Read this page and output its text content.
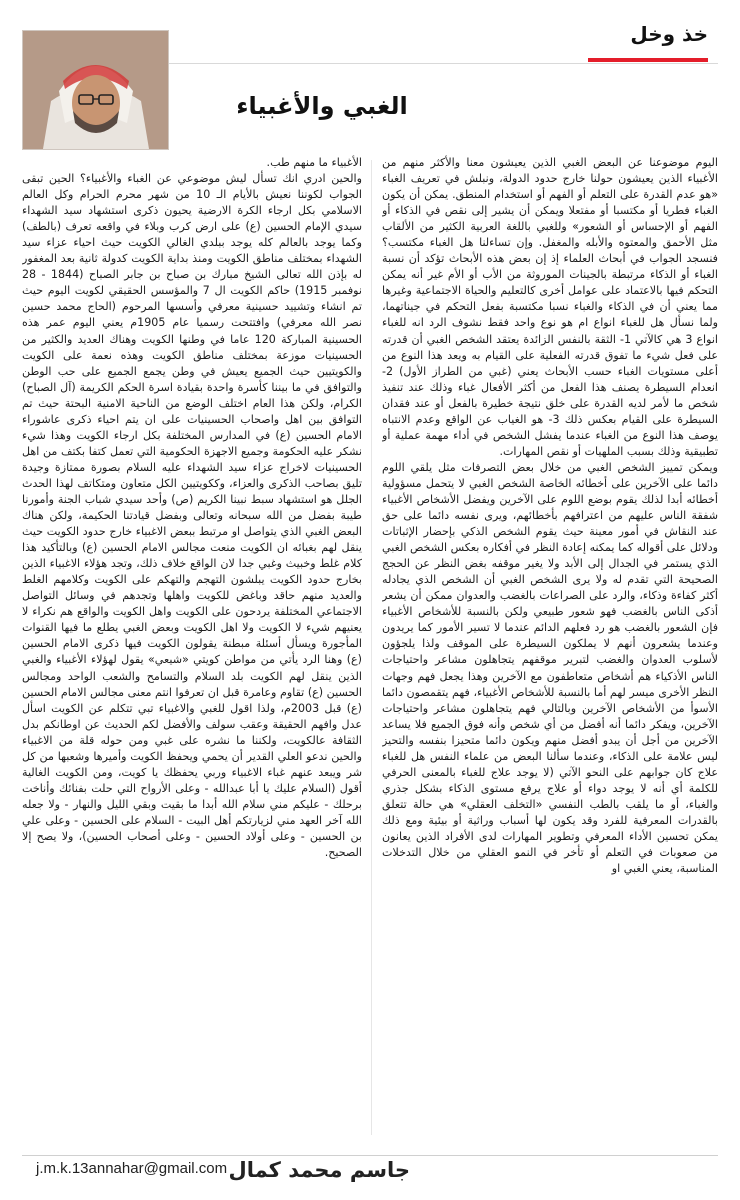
خذ وخل
الغبي والأغبياء

اليوم موضوعنا عن البعض الغبي الذين يعيشون معنا والأكثر منهم من الأغبياء الذين يعيشون حولنا خارج حدود الدولة، ونبلش في تعريف الغباء «هو عدم القدرة على التعلم أو الفهم أو استخدام المنطق. يمكن أن يكون الغباء فطريا أو مكتسبا أو مفتعلا ويمكن أن يشير إلى نقص في الذكاء أو الفهم أو الإحساس أو الشعور» وللغبي باللغة العربية الكثير من الألقاب مثل الأحمق والمعتوه والأبله والمغفل. وإن تساءلنا هل الغباء مكتسب؟ فنسجد الجواب في أبحاث العلماء إذ إن بعض هذه الأبحاث تؤكد أن نسبة الغباء أو الذكاء مرتبطة بالجينات الموروثة من الأب أو الأم غير أنه يمكن التحكم فيها بالاعتماد على عوامل أخرى كالتعليم والحياة الاجتماعية وغيرها مما يعني أن في الذكاء والغباء نسبا مكتسبة بفعل التحكم في جيناتهما، ولما نسأل هل للغباء انواع ام هو نوع واحد فقط نشوف الرد انه للغباء انواع 3 هي كالآتي 1- الثقة بالنفس الزائدة يعتقد الشخص الغبي أن قدرته على فعل شيء ما تفوق قدرته الفعلية على القيام به ويعد هذا النوع من أعلى مستويات الغباء حسب الأبحاث يعني (غبي من الطراز الأول) 2- انعدام السيطرة يصنف هذا الفعل من أكثر الأفعال غباء وذلك عند تنفيذ شخص ما لأمر لديه القدرة على خلق نتيجة خطيرة بالفعل أو عند فقدان السيطرة على القيام بعكس ذلك 3- هو الغياب عن الواقع وعدم الانتباه يوصف هذا النوع من الغباء عندما يفشل الشخص في أداء مهمة عملية أو تطبيقية وذلك بسبب الملهيات أو نقص المهارات.

ويمكن تمييز الشخص الغبي من خلال بعض التصرفات مثل يلقي اللوم دائما على الآخرين على أخطائه الخاصة الشخص الغبي لا يتحمل مسؤولية أخطائه أبدا لذلك يقوم بوضع اللوم على الآخرين ويفضل الأشخاص الأغبياء شفقة الناس عليهم من اعترافهم بأخطائهم، ويرى نفسه دائما على حق عند النقاش في أمور معينة حيث يقوم الشخص الذكي بإحضار الإثباتات ودلائل على أقواله كما يمكنه إعادة النظر في أفكاره بعكس الشخص الغبي الذي يستمر في الجدال إلى الأبد ولا يغير موقفه بغض النظر عن الحجج الصحيحة التي تقدم له ولا يرى الشخص الغبي أن الشخص الذي يجادله أكثر كفاءة وذكاء، والرد على الصراعات بالغضب والعدوان ممكن أن يشعر أذكى الناس بالغضب فهو شعور طبيعي ولكن بالنسبة للأشخاص الأغبياء فإن الشعور بالغضب هو رد فعلهم الدائم عندما لا تسير الأمور كما يريدون وعندما يشعرون أنهم لا يملكون السيطرة على الموقف ولذا يلجؤون لأسلوب العدوان والغضب لتبرير موقفهم يتجاهلون مشاعر واحتياجات الناس الأذكياء هم أشخاص متعاطفون مع الآخرين وهذا يجعل فهم وجهات النظر الأخرى ميسر لهم أما بالنسبة للأشخاص الأغبياء، فهم يتقمصون دائما الأسوأ من الأشخاص الآخرين وبالتالي فهم يتجاهلون مشاعر واحتياجات الآخرين، ويفكر دائما أنه أفضل من أي شخص وأنه فوق الجميع فلا يساعد الآخرين من أجل أن يبدو أفضل منهم ويكون دائما متحيزا بنفسه والتحيز ليس علامة على الذكاء، وعندما سألنا البعض من علماء النفس هل للغباء علاج كان جوابهم على النحو الآتي (لا يوجد علاج للغباء بالمعنى الحرفي للكلمة أي أنه لا يوجد دواء أو علاج يرفع مستوى الذكاء بشكل جذري والغباء، أو ما يلقب بالطب النفسي «التخلف العقلي» هي حالة تتعلق بالقدرات المعرفية للفرد وقد يكون لها أسباب وراثية أو بيئية ومع ذلك يمكن تحسين الأداء المعرفي وتطوير المهارات لدى الأفراد الذين يعانون من صعوبات في التعلم أو تأخر في النمو العقلي من خلال التدخلات المناسبة، يعني الغبي او

الأغبياء ما منهم طب.

والحين ادري انك تسأل ليش موضوعي عن الغباء والأغبياء؟ الحين تبقى الجواب لكوننا نعيش بالأيام الـ 10 من شهر محرم الحرام وكل العالم الاسلامي بكل ارجاء الكرة الارضية يحيون ذكرى استشهاد سيد الشهداء سيدي الإمام الحسين (ع) على ارض كرب وبلاء في واقعه تعرف (بالطف) وكما يوجد بالعالم كله يوجد ببلدي الغالي الكويت حيث احياء عزاء سيد الشهداء بمختلف مناطق الكويت ومنذ بداية الكويت كدولة ثانية بعد المغفور له بإذن الله تعالى الشيخ مبارك بن صباح بن جابر الصباح (1844 - 28 نوفمبر 1915) حاكم الكويت ال 7 والمؤسس الحقيقي لكويت اليوم حيث تم انشاء وتشييد حسينية معرفي وأسسها المرحوم (الحاج محمد حسين نصر الله معرفي) وافتتحت رسميا عام 1905م يعني اليوم عمر هذه الحسينية المباركة 120 عاما في وطنها الكويت وهناك العديد والكثير من الحسينيات موزعة بمختلف مناطق الكويت وهذه نعمة على الكويت والكويتيين حيث الجميع يعيش في وطن يجمع الجميع على حب الوطن والتوافق في ما بيننا كأسرة واحدة بقيادة اسرة الحكم الكريمة (آل الصباح) الكرام، ولكن هذا العام اختلف الوضع من الناحية الامنية البحتة حيث تم التوافق بين اهل واصحاب الحسينيات على ان يتم احياء ذكرى عاشوراء الامام الحسين (ع) في المدارس المختلفة بكل ارجاء الكويت وهذا شيء نشكر عليه الحكومة وجميع الاجهزة الحكومية التي تعمل كتفا بكتف من اهل الحسينيات لاخراج عزاء سيد الشهداء عليه السلام بصورة ممتازة وجيدة تليق بصاحب الذكرى والعزاء، وككويتيين الكل متعاون ومتكاتف لهذا الحدث الجلل هو استشهاد سبط نبينا الكريم (ص) وأحد سيدي شباب الجنة وأمورنا طيبة بفضل من الله سبحانه وتعالى وبفضل قيادتنا الحكيمة، ولكن هناك البعض الغبي الذي يتواصل او مرتبط ببعض الاغبياء خارج حدود الكويت حيث ينقل لهم بغبائه ان الكويت منعت مجالس الامام الحسين (ع) وبالتأكيد هذا كلام غلط وخبيث وغبي جدا لان الواقع خلاف ذلك، وتجد هؤلاء الاغبياء الذين بخارج حدود الكويت يبلشون التهجم والتهكم على الكويت وكلامهم الغلط والعديد منهم حاقد وباغض للكويت واهلها وتجدهم في وسائل التواصل الاجتماعي المختلفة يردحون على الكويت واهل الكويت والواقع هم نكراء لا يعنيهم شيء لا الكويت ولا اهل الكويت وبعض الغبي يطلع ما فيها القنوات المأجورة ويسأل أسئلة مبطنة يقولون الكويت فيها ذكرى الامام الحسين (ع) وهنا الرد يأتي من مواطن كويتي «شيعي» يقول لهؤلاء الأغبياء والغبي الذين ينقل لهم الكويت بلد السلام والتسامح والشعب الواحد ومجالس الحسين (ع) تقاوم وعامرة قبل ان تعرفوا انتم معنى مجالس الامام الحسين (ع) قبل 2003م، ولذا اقول للغبي والاغبياء تبي تتكلم عن الكويت اسأل عدل وافهم الحقيقة وعقب سولف والأفضل لكم الحديث عن اوطانكم بدل الثقافة عالكويت، ولكننا ما نشره على غبي ومن حوله قلة من الاغبياء والحين ندعو العلي القدير أن يحمي ويحفظ الكويت وأميرها وشعبها من كل شر ويبعد عنهم غباء الاغبياء وربي يحفظك يا كويت، ومن الكويت الغالية أقول (السلام عليك يا أبا عبدالله - وعلى الأرواح التي حلت بفنائك وأناخت برحلك - عليكم مني سلام الله أبدا ما بقيت وبقي الليل والنهار - ولا جعله الله آخر العهد مني لزيارتكم أهل البيت - السلام على الحسين - وعلى علي بن الحسين - وعلى أولاد الحسين - وعلى أصحاب الحسين)، ولا يصح إلا الصحيح.

جاسم محمد كمال
j.m.k.13annahar@gmail.com
